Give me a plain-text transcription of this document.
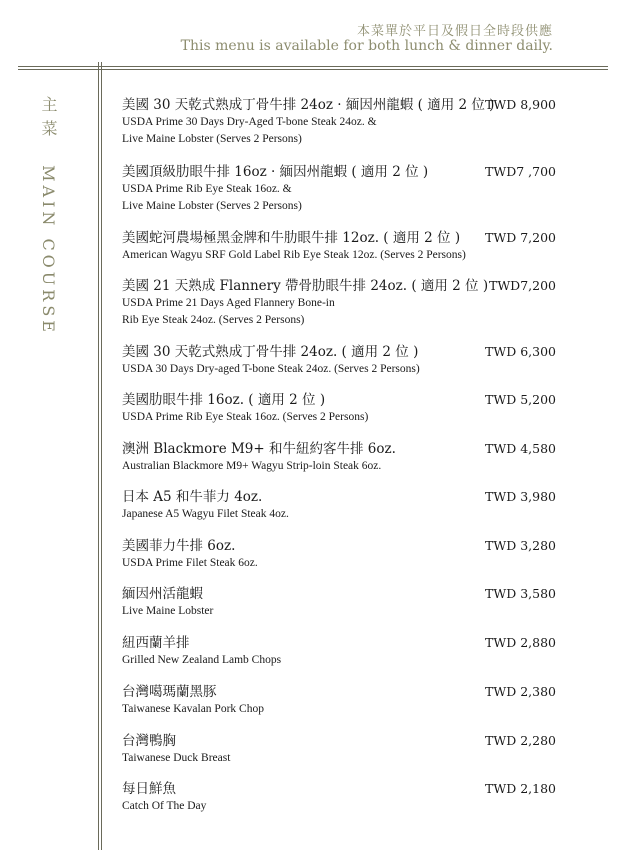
本菜單於平日及假日全時段供應
This menu is available for both lunch & dinner daily.
主菜 MAIN COURSE
美國 30 天乾式熟成丁骨牛排 24oz · 緬因州龍蝦 ( 適用 2 位 )
USDA Prime 30 Days Dry-Aged T-bone Steak 24oz. &
Live Maine Lobster (Serves 2 Persons)
TWD 8,900
美國頂級肋眼牛排 16oz · 緬因州龍蝦 ( 適用 2 位 )
USDA Prime Rib Eye Steak 16oz. &
Live Maine Lobster (Serves 2 Persons)
TWD7 ,700
美國蛇河農場極黑金牌和牛肋眼牛排 12oz. ( 適用 2 位 )
American Wagyu SRF Gold Label Rib Eye Steak 12oz. (Serves 2 Persons)
TWD 7,200
美國 21 天熟成 Flannery 帶骨肋眼牛排 24oz. ( 適用 2 位 )
USDA Prime 21 Days Aged Flannery Bone-in
Rib Eye Steak 24oz. (Serves 2 Persons)
TWD7,200
美國 30 天乾式熟成丁骨牛排 24oz. ( 適用 2 位 )
USDA 30 Days Dry-aged T-bone Steak 24oz. (Serves 2 Persons)
TWD 6,300
美國肋眼牛排 16oz. ( 適用 2 位 )
USDA Prime Rib Eye Steak 16oz. (Serves 2 Persons)
TWD 5,200
澳洲 Blackmore M9+ 和牛紐約客牛排 6oz.
Australian Blackmore M9+ Wagyu Strip-loin Steak 6oz.
TWD 4,580
日本 A5 和牛菲力 4oz.
Japanese A5 Wagyu Filet Steak 4oz.
TWD 3,980
美國菲力牛排 6oz.
USDA Prime Filet Steak 6oz.
TWD 3,280
緬因州活龍蝦
Live Maine Lobster
TWD 3,580
紐西蘭羊排
Grilled New Zealand Lamb Chops
TWD 2,880
台灣噶瑪蘭黑豚
Taiwanese Kavalan Pork Chop
TWD 2,380
台灣鴨胸
Taiwanese Duck Breast
TWD 2,280
每日鮮魚
Catch Of The Day
TWD 2,180
